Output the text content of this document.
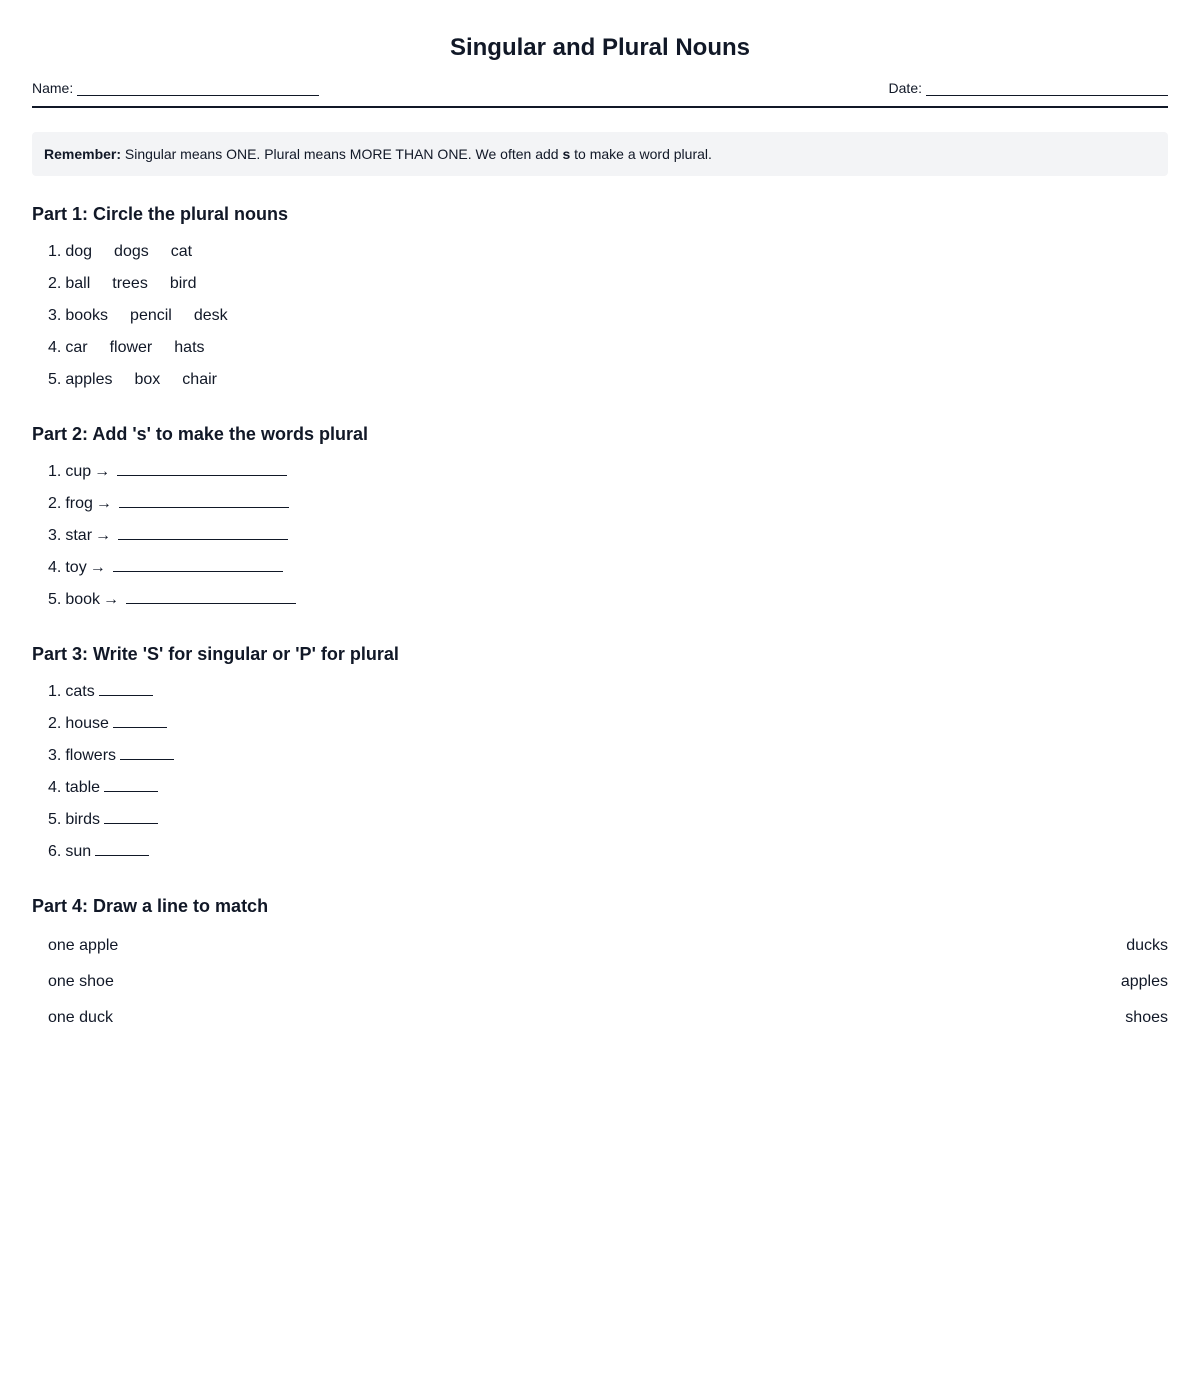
Singular and Plural Nouns
Name:	Date:
Remember: Singular means ONE. Plural means MORE THAN ONE. We often add s to make a word plural.
Part 1: Circle the plural nouns
1. dog dogs cat
2. ball trees bird
3. books pencil desk
4. car flower hats
5. apples box chair
Part 2: Add 's' to make the words plural
1. cup →
2. frog →
3. star →
4. toy →
5. book →
Part 3: Write 'S' for singular or 'P' for plural
1. cats
2. house
3. flowers
4. table
5. birds
6. sun
Part 4: Draw a line to match
one apple	ducks
one shoe	apples
one duck	shoes
